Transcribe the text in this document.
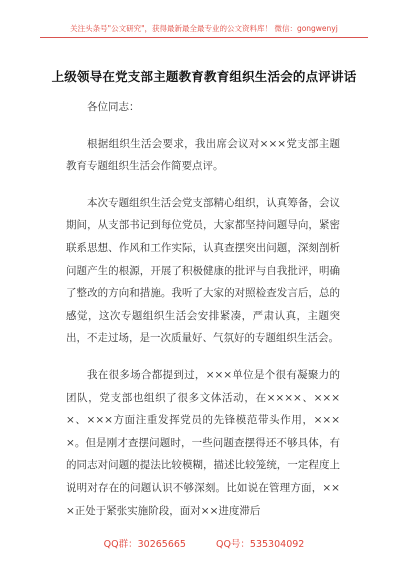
关注头条号"公文研究"，获得最新最全最专业的公文资料库！ 微信：gongwenyj
上级领导在党支部主题教育教育组织生活会的点评讲话

各位同志：

根据组织生活会要求，我出席会议对×××党支部主题教育专题组织生活会作简要点评。

本次专题组织生活会党支部精心组织，认真筹备，会议期间，从支部书记到每位党员，大家都坚持问题导向，紧密联系思想、作风和工作实际，认真查摆突出问题，深刻剖析问题产生的根源，开展了积极健康的批评与自我批评，明确了整改的方向和措施。我听了大家的对照检查发言后，总的感觉，这次专题组织生活会安排紧凑，严肃认真，主题突出，不走过场，是一次质量好、气氛好的专题组织生活会。

我在很多场合都提到过，×××单位是个很有凝聚力的团队，党支部也组织了很多文体活动，在××××、××××、×××方面注重发挥党员的先锋模范带头作用，××××。但是刚才查摆问题时，一些问题查摆得还不够具体，有的同志对问题的提法比较模糊，描述比较笼统，一定程度上说明对存在的问题认识不够深刻。比如说在管理方面，×××正处于紧张实施阶段，面对××进度滞后

QQ群：30265665	QQ号：535304092
